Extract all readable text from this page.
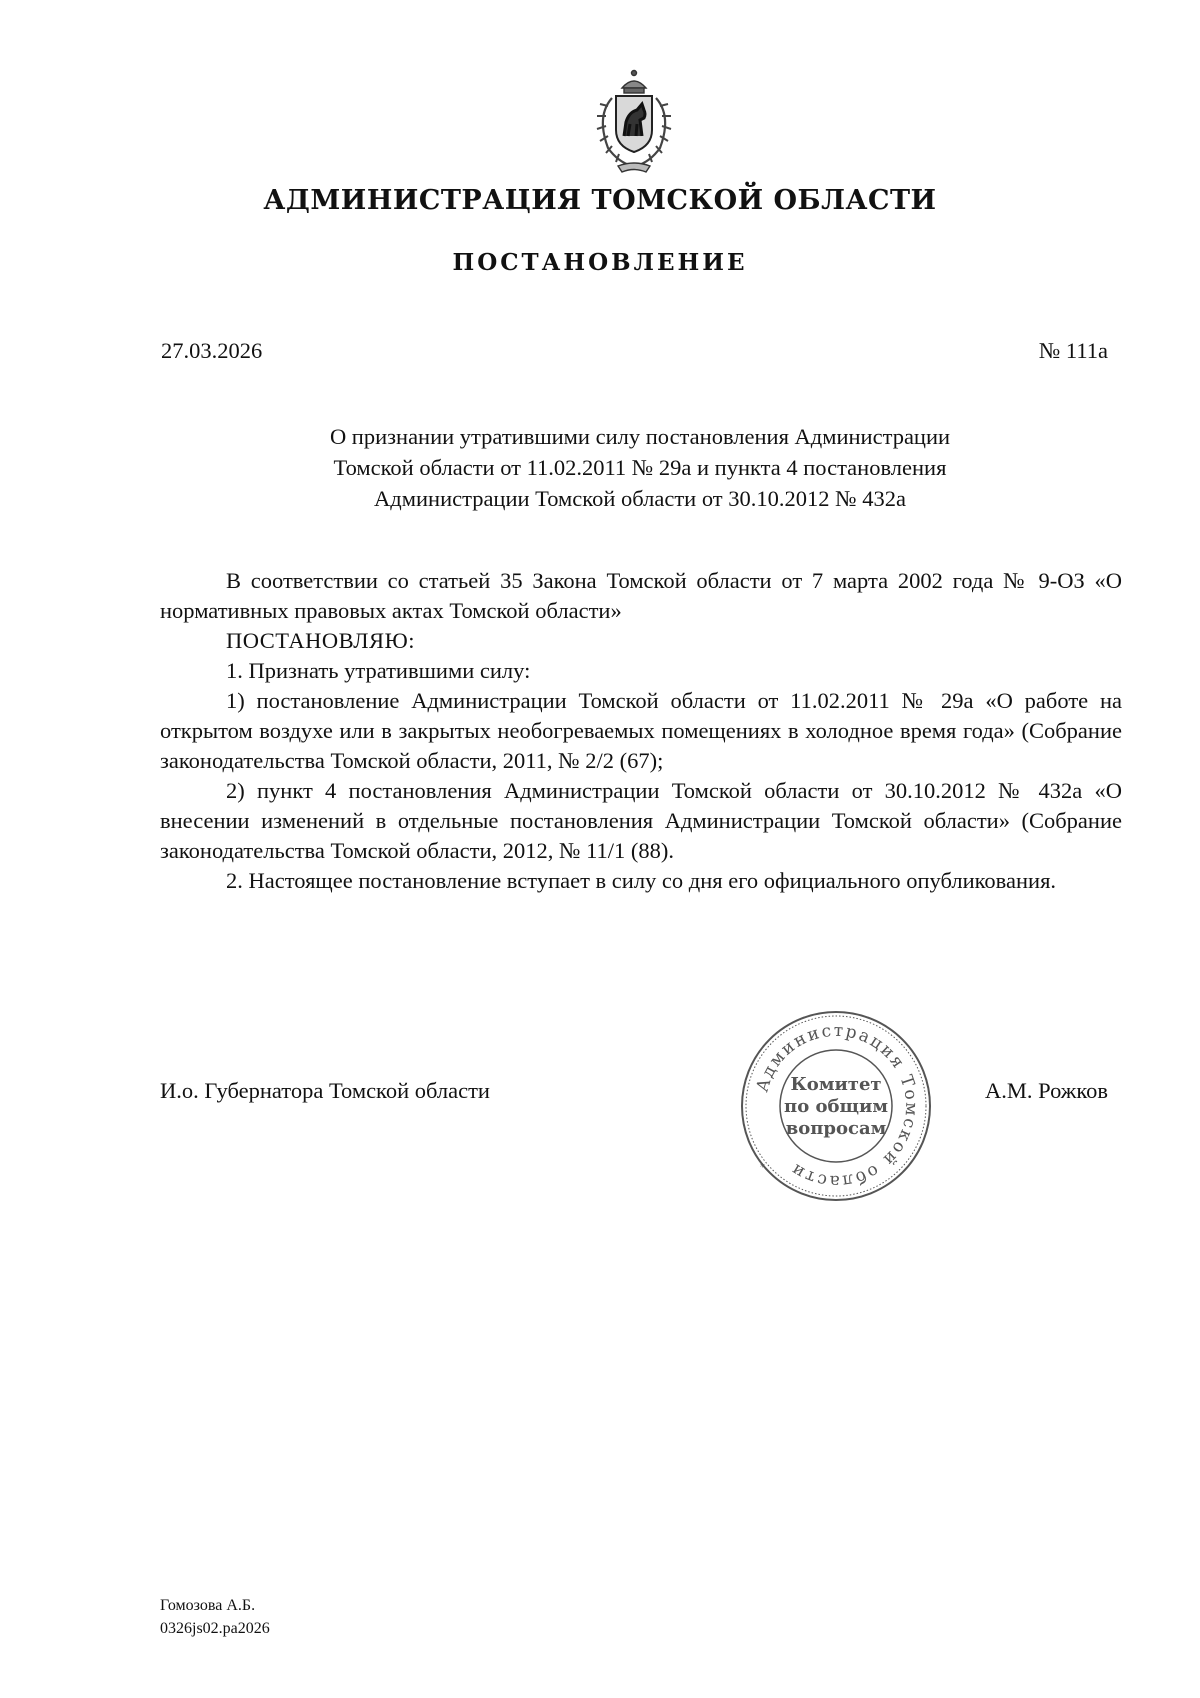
АДМИНИСТРАЦИЯ ТОМСКОЙ ОБЛАСТИ
ПОСТАНОВЛЕНИЕ
27.03.2026	№ 111а
О признании утратившими силу постановления Администрации
Томской области от 11.02.2011 № 29а и пункта 4 постановления
Администрации Томской области от 30.10.2012 № 432а

В соответствии со статьей 35 Закона Томской области от 7 марта 2002 года № 9-ОЗ «О нормативных правовых актах Томской области»

ПОСТАНОВЛЯЮ:

1. Признать утратившими силу:

1) постановление Администрации Томской области от 11.02.2011 № 29а «О работе на открытом воздухе или в закрытых необогреваемых помещениях в холодное время года» (Собрание законодательства Томской области, 2011, № 2/2 (67);

2) пункт 4 постановления Администрации Томской области от 30.10.2012 № 432а «О внесении изменений в отдельные постановления Администрации Томской области» (Собрание законодательства Томской области, 2012, № 11/1 (88).

2. Настоящее постановление вступает в силу со дня его официального опубликования.

И.о. Губернатора Томской области	Администрация Томской области
Комитет
по общим
вопросам
*
А.М. Рожков
Гомозова А.Б.
0326js02.pa2026
